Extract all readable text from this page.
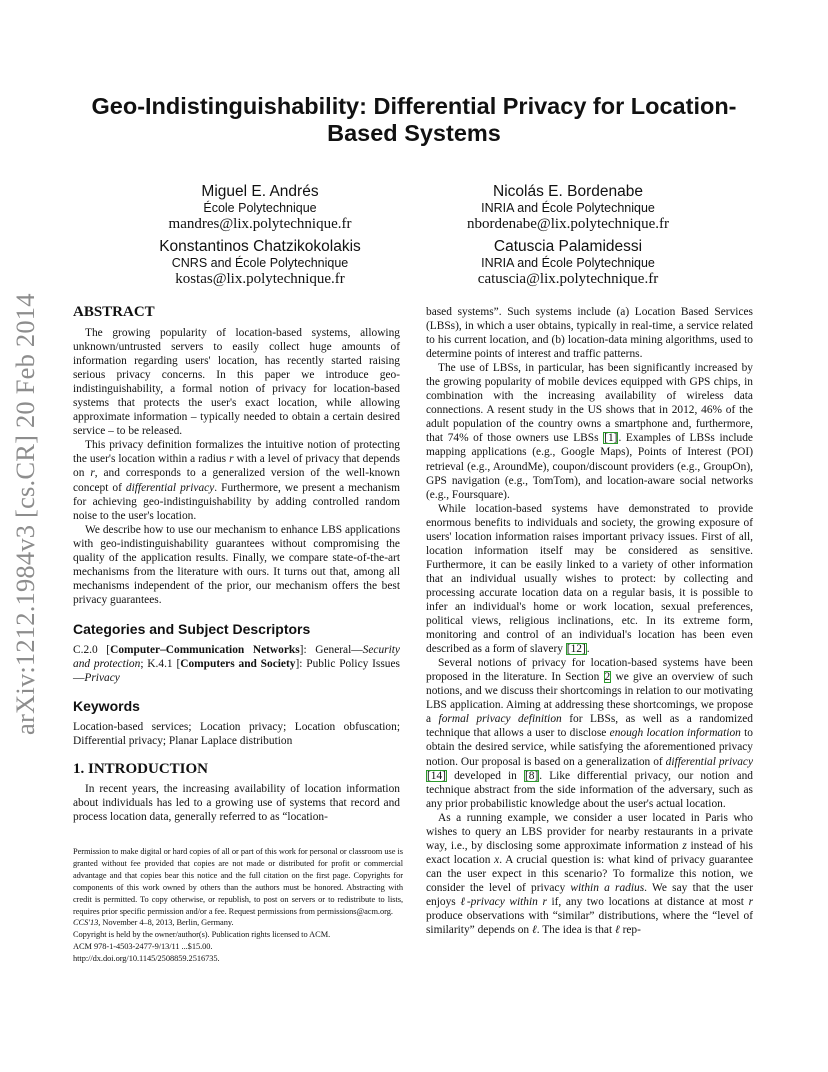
arXiv:1212.1984v3 [cs.CR] 20 Feb 2014
Geo-Indistinguishability: Differential Privacy for Location-Based Systems
Miguel E. Andrés
École Polytechnique
mandres@lix.polytechnique.fr
Nicolás E. Bordenabe
INRIA and École Polytechnique
nbordenabe@lix.polytechnique.fr
Konstantinos Chatzikokolakis
CNRS and École Polytechnique
kostas@lix.polytechnique.fr
Catuscia Palamidessi
INRIA and École Polytechnique
catuscia@lix.polytechnique.fr
ABSTRACT

The growing popularity of location-based systems, allowing unknown/untrusted servers to easily collect huge amounts of information regarding users' location, has recently started raising serious privacy concerns. In this paper we introduce geo-indistinguishability, a formal notion of privacy for location-based systems that protects the user's exact location, while allowing approximate information – typically needed to obtain a certain desired service – to be released.

This privacy definition formalizes the intuitive notion of protecting the user's location within a radius r with a level of privacy that depends on r, and corresponds to a generalized version of the well-known concept of differential privacy. Furthermore, we present a mechanism for achieving geo-indistinguishability by adding controlled random noise to the user's location.

We describe how to use our mechanism to enhance LBS applications with geo-indistinguishability guarantees without compromising the quality of the application results. Finally, we compare state-of-the-art mechanisms from the literature with ours. It turns out that, among all mechanisms independent of the prior, our mechanism offers the best privacy guarantees.

Categories and Subject Descriptors

C.2.0 [Computer–Communication Networks]: General—Security and protection; K.4.1 [Computers and Society]: Public Policy Issues—Privacy

Keywords

Location-based services; Location privacy; Location obfuscation; Differential privacy; Planar Laplace distribution

1. INTRODUCTION

In recent years, the increasing availability of location information about individuals has led to a growing use of systems that record and process location data, generally referred to as “location-

Permission to make digital or hard copies of all or part of this work for personal or classroom use is granted without fee provided that copies are not made or distributed for profit or commercial advantage and that copies bear this notice and the full citation on the first page. Copyrights for components of this work owned by others than the authors must be honored. Abstracting with credit is permitted. To copy otherwise, or republish, to post on servers or to redistribute to lists, requires prior specific permission and/or a fee. Request permissions from permissions@acm.org.

CCS'13, November 4–8, 2013, Berlin, Germany.

Copyright is held by the owner/author(s). Publication rights licensed to ACM.

ACM 978-1-4503-2477-9/13/11 ...$15.00.

http://dx.doi.org/10.1145/2508859.2516735.

based systems”. Such systems include (a) Location Based Services (LBSs), in which a user obtains, typically in real-time, a service related to his current location, and (b) location-data mining algorithms, used to determine points of interest and traffic patterns.

The use of LBSs, in particular, has been significantly increased by the growing popularity of mobile devices equipped with GPS chips, in combination with the increasing availability of wireless data connections. A resent study in the US shows that in 2012, 46% of the adult population of the country owns a smartphone and, furthermore, that 74% of those owners use LBSs [1]. Examples of LBSs include mapping applications (e.g., Google Maps), Points of Interest (POI) retrieval (e.g., AroundMe), coupon/discount providers (e.g., GroupOn), GPS navigation (e.g., TomTom), and location-aware social networks (e.g., Foursquare).

While location-based systems have demonstrated to provide enormous benefits to individuals and society, the growing exposure of users' location information raises important privacy issues. First of all, location information itself may be considered as sensitive. Furthermore, it can be easily linked to a variety of other information that an individual usually wishes to protect: by collecting and processing accurate location data on a regular basis, it is possible to infer an individual's home or work location, sexual preferences, political views, religious inclinations, etc. In its extreme form, monitoring and control of an individual's location has been even described as a form of slavery [12].

Several notions of privacy for location-based systems have been proposed in the literature. In Section 2 we give an overview of such notions, and we discuss their shortcomings in relation to our motivating LBS application. Aiming at addressing these shortcomings, we propose a formal privacy definition for LBSs, as well as a randomized technique that allows a user to disclose enough location information to obtain the desired service, while satisfying the aforementioned privacy notion. Our proposal is based on a generalization of differential privacy [14] developed in [8]. Like differential privacy, our notion and technique abstract from the side information of the adversary, such as any prior probabilistic knowledge about the user's actual location.

As a running example, we consider a user located in Paris who wishes to query an LBS provider for nearby restaurants in a private way, i.e., by disclosing some approximate information z instead of his exact location x. A crucial question is: what kind of privacy guarantee can the user expect in this scenario? To formalize this notion, we consider the level of privacy within a radius. We say that the user enjoys ℓ-privacy within r if, any two locations at distance at most r produce observations with “similar” distributions, where the “level of similarity” depends on ℓ. The idea is that ℓ rep-
